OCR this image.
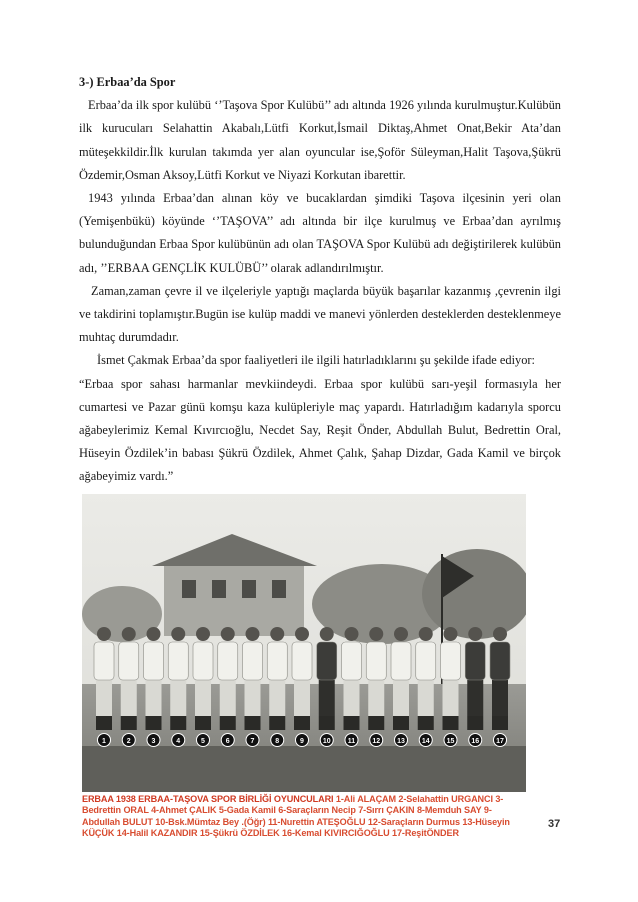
3-) Erbaa’da Spor

Erbaa’da ilk spor kulübü ‘’Taşova Spor Kulübü’’ adı altında 1926 yılında kurulmuştur.Kulübün ilk kurucuları Selahattin Akabalı,Lütfi Korkut,İsmail Diktaş,Ahmet Onat,Bekir Ata’dan müteşekkildir.İlk kurulan takımda yer alan oyuncular ise,Şoför Süleyman,Halit Taşova,Şükrü Özdemir,Osman Aksoy,Lütfi Korkut ve Niyazi Korkutan ibarettir.

1943 yılında Erbaa’dan alınan köy ve bucaklardan şimdiki Taşova ilçesinin yeri olan (Yemişenbükü) köyünde ‘’TAŞOVA’’ adı altında bir ilçe kurulmuş ve Erbaa’dan ayrılmış bulunduğundan Erbaa Spor kulübünün adı olan TAŞOVA Spor Kulübü adı değiştirilerek kulübün adı, ’’ERBAA GENÇLİK KULÜBÜ’’ olarak adlandırılmıştır.

Zaman,zaman çevre il ve ilçeleriyle yaptığı maçlarda büyük başarılar kazanmış ,çevrenin ilgi ve takdirini toplamıştır.Bugün ise kulüp maddi ve manevi yönlerden desteklerden desteklenmeye muhtaç durumdadır.

İsmet Çakmak Erbaa’da spor faaliyetleri ile ilgili hatırladıklarını şu şekilde ifade ediyor:

“Erbaa spor sahası harmanlar mevkiindeydi. Erbaa spor kulübü sarı-yeşil formasıyla her cumartesi ve Pazar günü komşu kaza kulüpleriyle maç yapardı. Hatırladığım kadarıyla sporcu ağabeylerimiz Kemal Kıvırcıoğlu, Necdet Say, Reşit Önder, Abdullah Bulut, Bedrettin Oral, Hüseyin Özdilek’in babası Şükrü Özdilek, Ahmet Çalık, Şahap Dizdar, Gada Kamil ve birçok ağabeyimiz vardı.”

1	2	3	4	5	6	7	8	9	10 11 12 13 14 15 16 17
ERBAA 1938 ERBAA-TAŞOVA SPOR BİRLİĞİ OYUNCULARI 1-Ali ALAÇAM 2-Selahattin URGANCI 3-Bedrettin ORAL 4-Ahmet ÇALIK 5-Gada Kamil 6-Saraçların Necip 7-Sırrı ÇAKIN 8-Memduh SAY 9-Abdullah BULUT 10-Bsk.Mümtaz Bey .(Öğr) 11-Nurettin ATEŞOĞLU 12-Saraçların Durmus 13-Hüseyin KÜÇÜK 14-Halil KAZANDIR 15-Şükrü ÖZDİLEK 16-Kemal KIVIRCIĞOĞLU 17-ReşitÖNDER
37
